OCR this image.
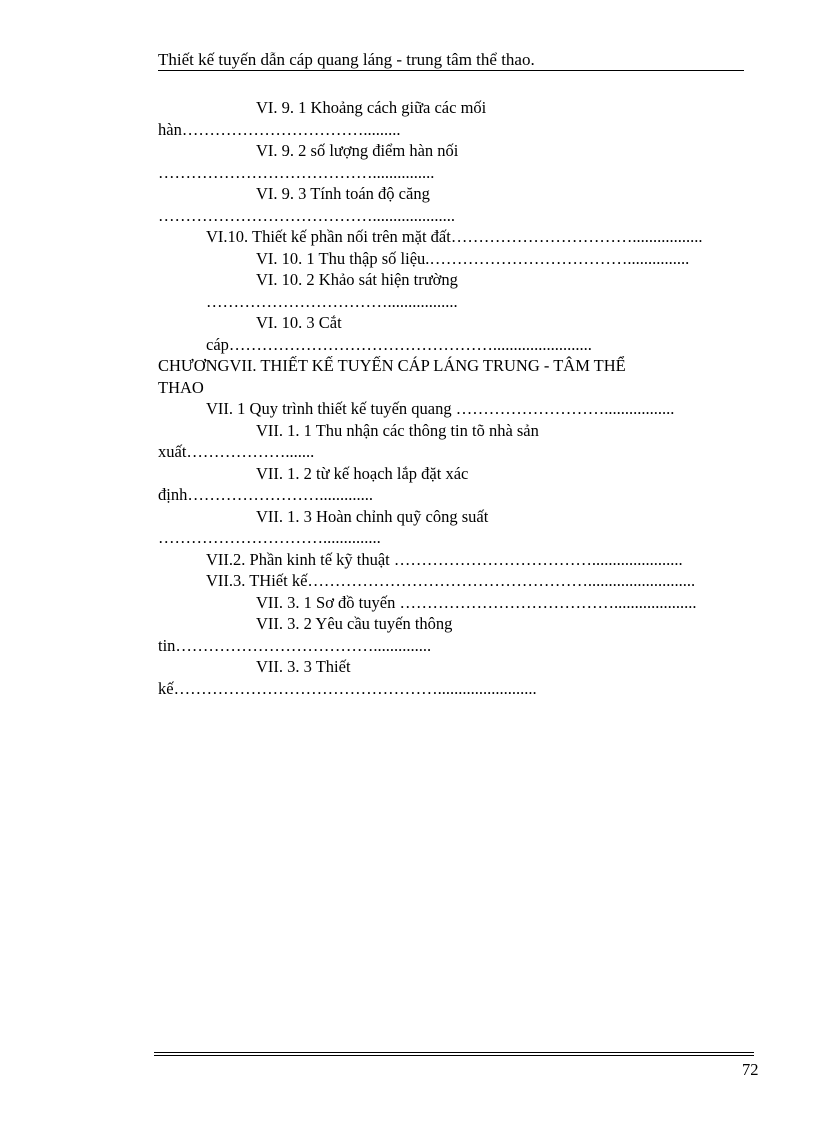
Thiết kế tuyến dẫn cáp quang láng - trung tâm thể thao.
VI. 9. 1 Khoảng cách giữa các mối
hàn…………………………….........
VI. 9. 2 số lượng điểm hàn nối
…………………………………...............
VI. 9. 3 Tính toán độ căng
…………………………………....................
VI.10. Thiết kế phần nối trên mặt đất…………………………….................
VI. 10. 1 Thu thập số liệu.………………………………...............
VI. 10. 2 Khảo sát hiện trường
…………………………….................
VI. 10. 3 Cắt
cáp…………………………………………........................
CHƯƠNGVII. THIẾT KẾ TUYẾN CÁP LÁNG TRUNG - TÂM THỂ
THAO
VII. 1 Quy trình thiết kế tuyến quang ……………………….................
VII. 1. 1 Thu nhận các thông tin tõ nhà sản
xuất……………….......
VII. 1. 2 từ kế hoạch lắp đặt xác
định…………………….............
VII. 1. 3 Hoàn chỉnh quỹ công suất
…………………………..............
VII.2. Phần kinh tế kỹ thuật ………………………………......................
VII.3. THiết kế……………………………………………..........................
VII. 3. 1 Sơ đồ tuyến …………………………………....................
VII. 3. 2 Yêu cầu tuyến thông
tin………………………………..............
VII. 3. 3 Thiết
kế…………………………………………........................
72
